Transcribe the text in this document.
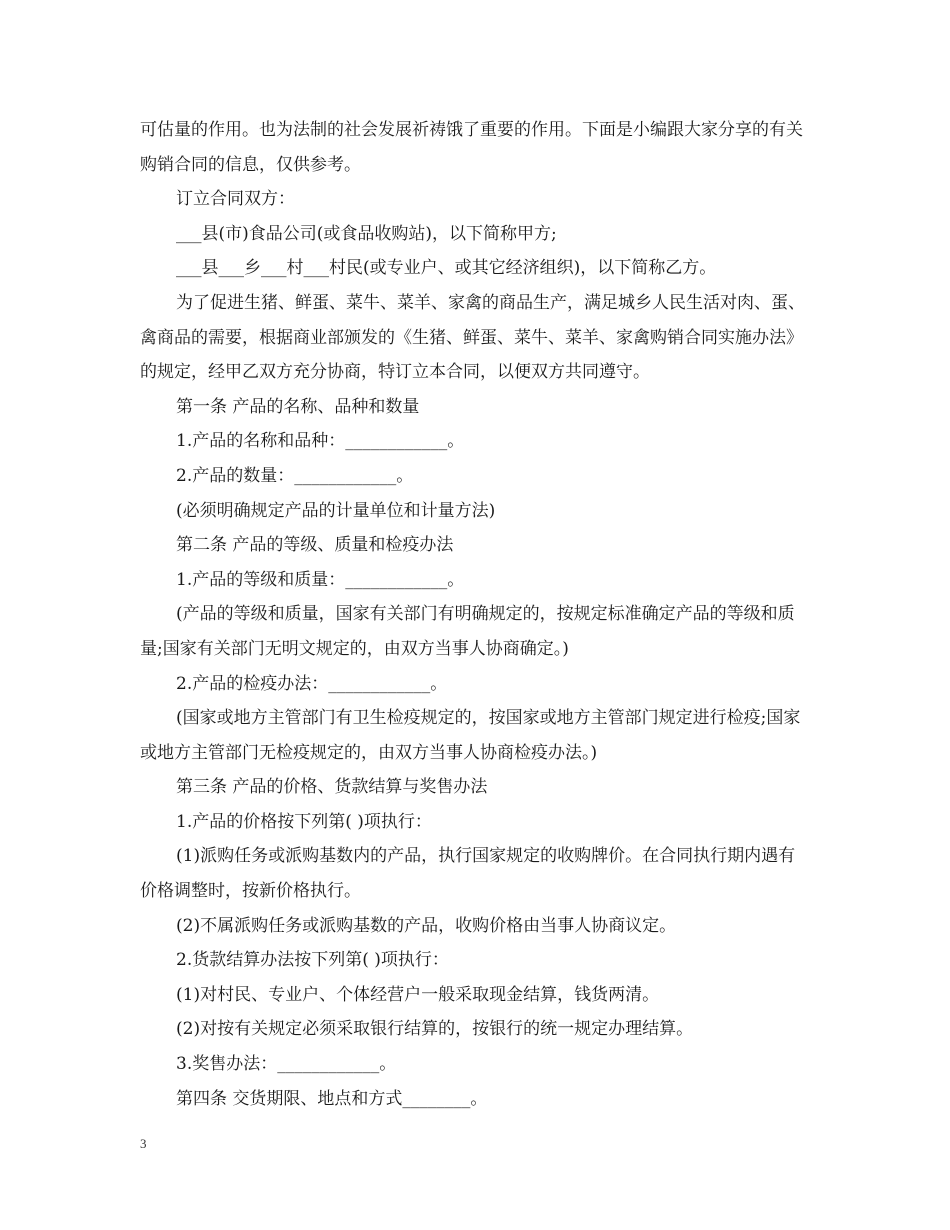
可估量的作用。也为法制的社会发展祈祷饿了重要的作用。下面是小编跟大家分享的有关购销合同的信息，仅供参考。

订立合同双方：

___县(市)食品公司(或食品收购站)，以下简称甲方;

___县___乡___村___村民(或专业户、或其它经济组织)，以下简称乙方。

为了促进生猪、鲜蛋、菜牛、菜羊、家禽的商品生产，满足城乡人民生活对肉、蛋、禽商品的需要，根据商业部颁发的《生猪、鲜蛋、菜牛、菜羊、家禽购销合同实施办法》的规定，经甲乙双方充分协商，特订立本合同，以便双方共同遵守。

第一条 产品的名称、品种和数量

1.产品的名称和品种：____________。

2.产品的数量：____________。

(必须明确规定产品的计量单位和计量方法)

第二条 产品的等级、质量和检疫办法

1.产品的等级和质量：____________。

(产品的等级和质量，国家有关部门有明确规定的，按规定标准确定产品的等级和质量;国家有关部门无明文规定的，由双方当事人协商确定。)

2.产品的检疫办法：____________。

(国家或地方主管部门有卫生检疫规定的，按国家或地方主管部门规定进行检疫;国家或地方主管部门无检疫规定的，由双方当事人协商检疫办法。)

第三条 产品的价格、货款结算与奖售办法

1.产品的价格按下列第( )项执行：

(1)派购任务或派购基数内的产品，执行国家规定的收购牌价。在合同执行期内遇有价格调整时，按新价格执行。

(2)不属派购任务或派购基数的产品，收购价格由当事人协商议定。

2.货款结算办法按下列第( )项执行：

(1)对村民、专业户、个体经营户一般采取现金结算，钱货两清。

(2)对按有关规定必须采取银行结算的，按银行的统一规定办理结算。

3.奖售办法：____________。

第四条 交货期限、地点和方式________。

3
